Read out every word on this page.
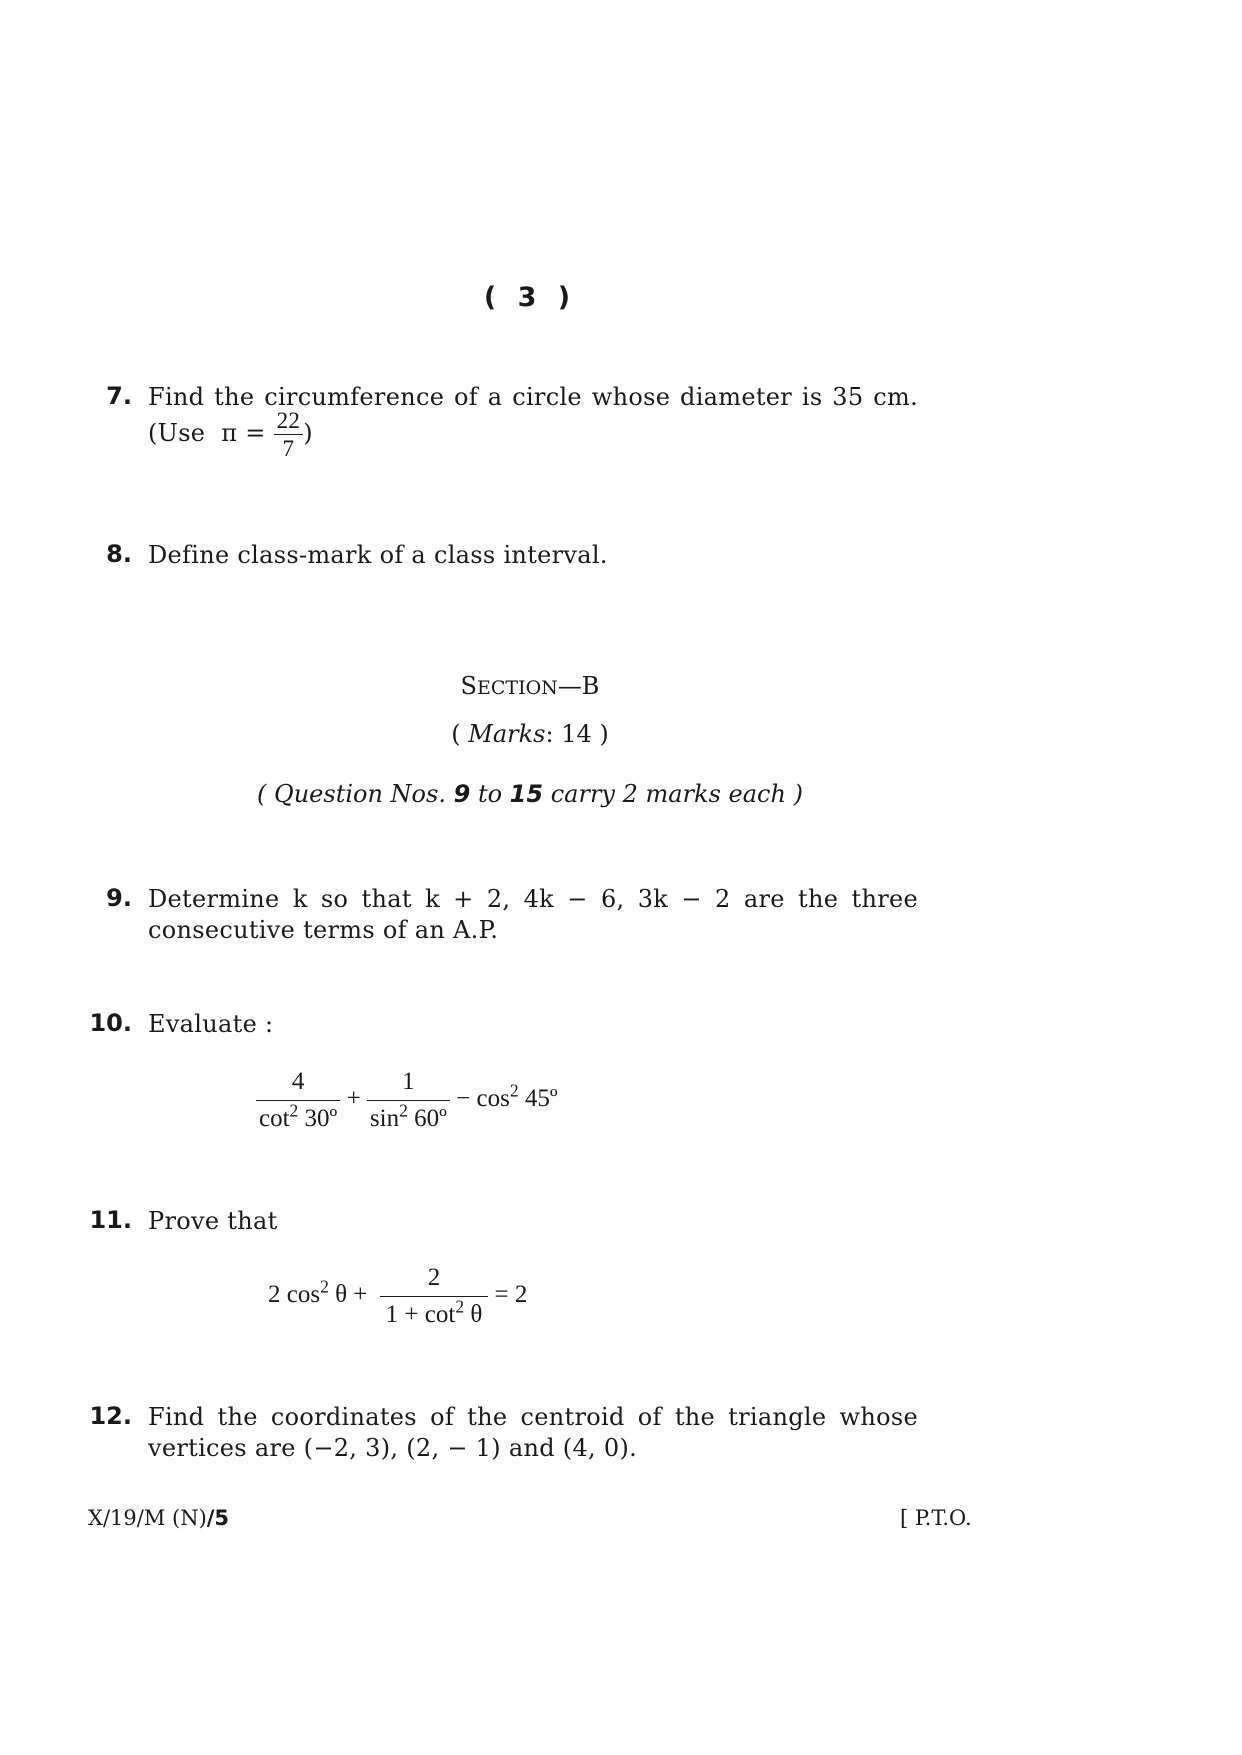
( 3 )
7. Find the circumference of a circle whose diameter is 35 cm.
(Use $\pi = \frac{22}{7}$ )
8. Define class-mark of a class interval.
SECTION—B
( Marks: 14 )
( Question Nos. 9 to 15 carry 2 marks each )
9. Determine k so that k + 2, 4k − 6, 3k − 2 are the three
consecutive terms of an A.P.
10. Evaluate :
$\frac{4}{\cot^2 30º} + \frac{1}{\sin^2 60º} - \cos^2$ 45º
11. Prove that
2 $\cos^2 \theta + \frac{2}{1 + \cot^2 \theta} = 2$
12. Find the coordinates of the centroid of the triangle whose
vertices are (−2, 3), (2, − 1) and (4, 0).
X/19/M (N)/5	[ P.T.O.
